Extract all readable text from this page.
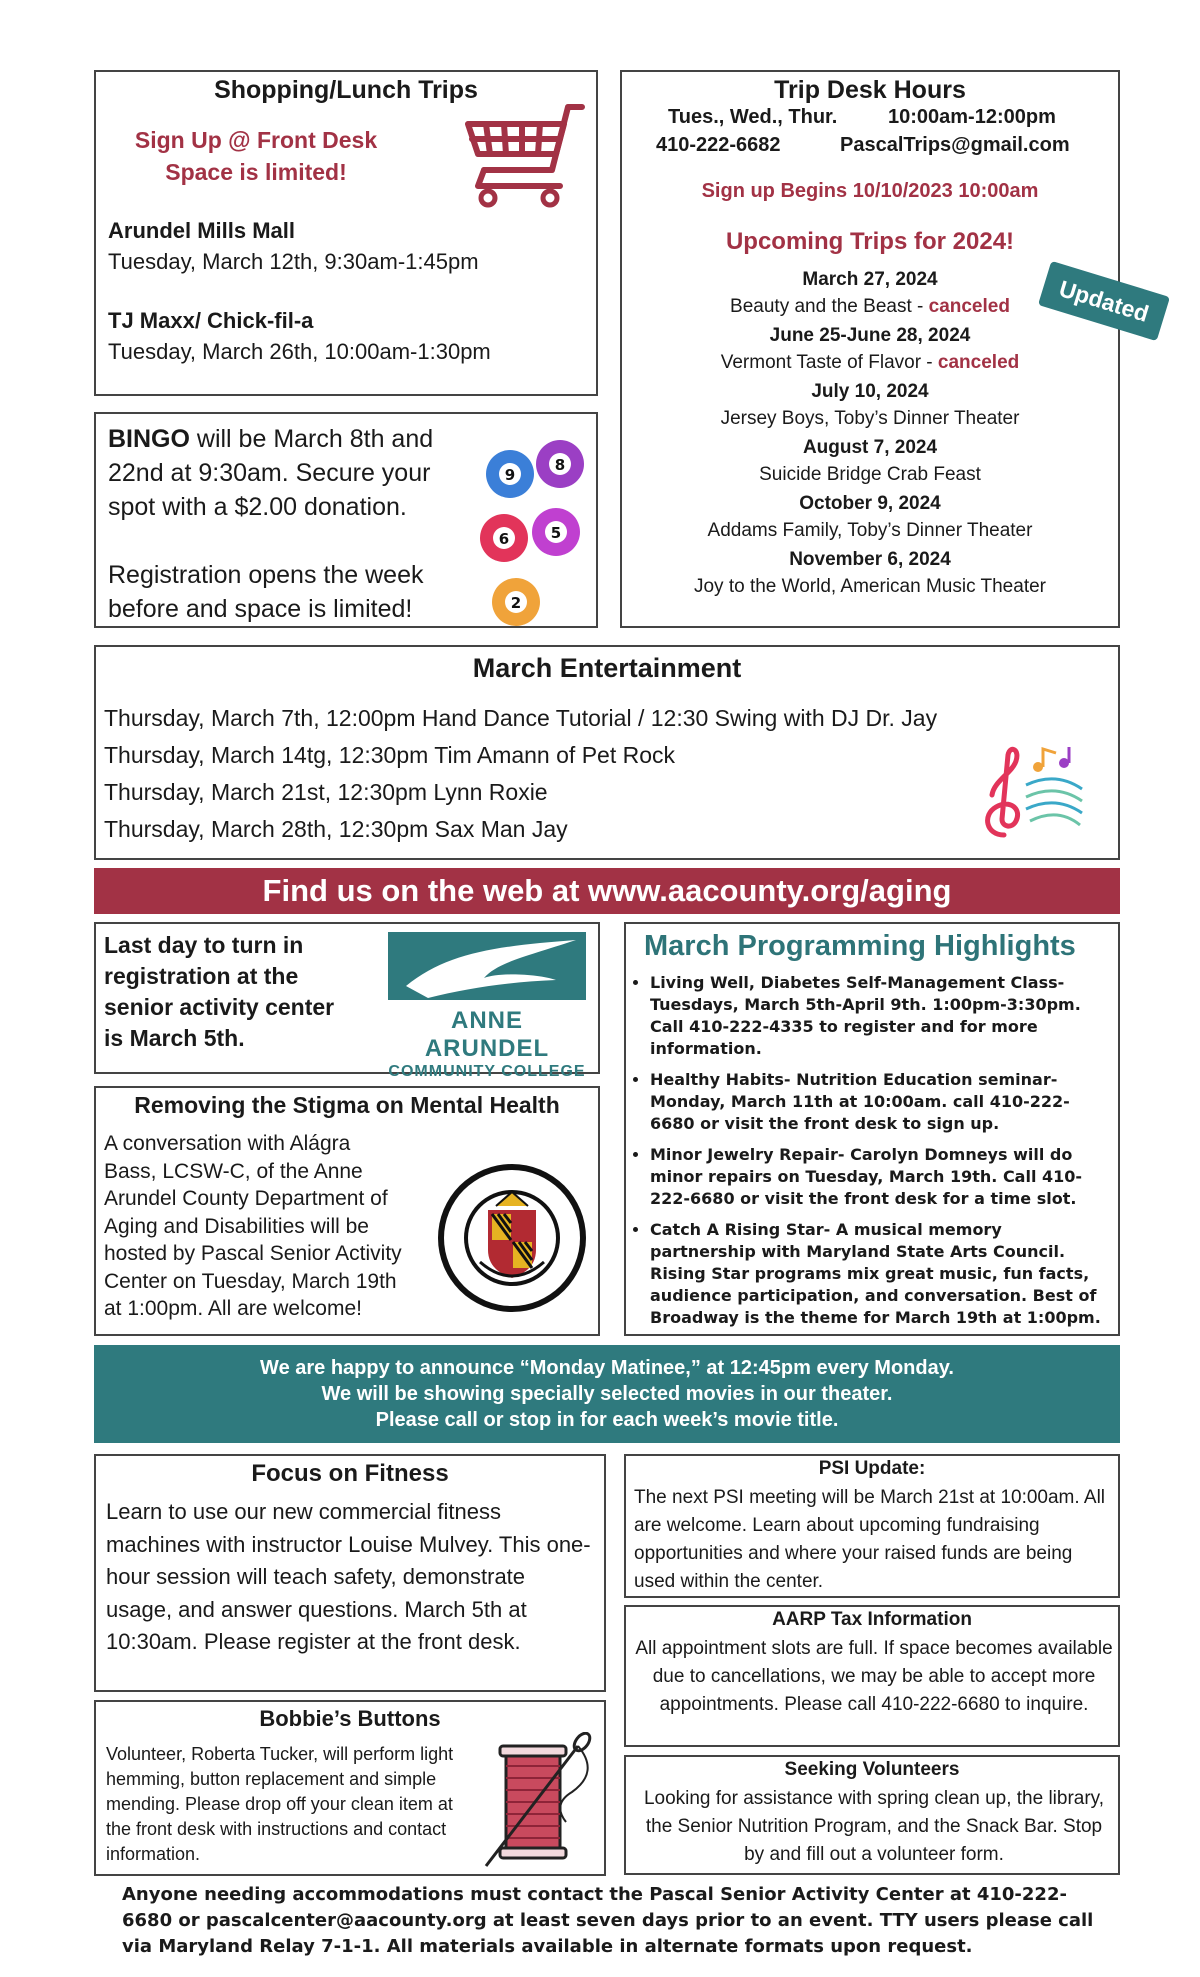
Shopping/Lunch Trips
Sign Up @ Front Desk
Space is limited!
Arundel Mills Mall
Tuesday, March 12th, 9:30am-1:45pm
TJ Maxx/ Chick-fil-a
Tuesday, March 26th, 10:00am-1:30pm
Trip Desk Hours
Tues., Wed., Thur.	10:00am-12:00pm
410-222-6682	PascalTrips@gmail.com
Sign up Begins 10/10/2023 10:00am
Upcoming Trips for 2024!
March 27, 2024
Beauty and the Beast - canceled
June 25-June 28, 2024
Vermont Taste of Flavor - canceled
July 10, 2024
Jersey Boys, Toby’s Dinner Theater
August 7, 2024
Suicide Bridge Crab Feast
October 9, 2024
Addams Family, Toby’s Dinner Theater
November 6, 2024
Joy to the World, American Music Theater
Updated
BINGO will be March 8th and 22nd at 9:30am. Secure your spot with a $2.00 donation.
Registration opens the week before and space is limited!
9
8
6	5
2
March Entertainment
Thursday, March 7th, 12:00pm Hand Dance Tutorial / 12:30 Swing with DJ Dr. Jay
Thursday, March 14tg, 12:30pm Tim Amann of Pet Rock
Thursday, March 21st, 12:30pm Lynn Roxie
Thursday, March 28th, 12:30pm Sax Man Jay
Find us on the web at www.aacounty.org/aging
Last day to turn in registration at the senior activity center is March 5th.
ANNE ARUNDEL
COMMUNITY COLLEGE
Removing the Stigma on Mental Health
A conversation with Alágra Bass, LCSW-C, of the Anne Arundel County Department of Aging and Disabilities will be hosted by Pascal Senior Activity Center on Tuesday, March 19th at 1:00pm. All are welcome!
March Programming Highlights
• Living Well, Diabetes Self-Management Class- Tuesdays, March 5th-April 9th. 1:00pm-3:30pm. Call 410-222-4335 to register and for more information.
• Healthy Habits- Nutrition Education seminar- Monday, March 11th at 10:00am. call 410-222-6680 or visit the front desk to sign up.
• Minor Jewelry Repair- Carolyn Domneys will do minor repairs on Tuesday, March 19th. Call 410-222-6680 or visit the front desk for a time slot.
• Catch A Rising Star- A musical memory partnership with Maryland State Arts Council. Rising Star programs mix great music, fun facts, audience participation, and conversation. Best of Broadway is the theme for March 19th at 1:00pm.
We are happy to announce “Monday Matinee,” at 12:45pm every Monday.
We will be showing specially selected movies in our theater.
Please call or stop in for each week’s movie title.
Focus on Fitness
Learn to use our new commercial fitness machines with instructor Louise Mulvey. This one-hour session will teach safety, demonstrate usage, and answer questions. March 5th at 10:30am. Please register at the front desk.
Bobbie’s Buttons
Volunteer, Roberta Tucker, will perform light hemming, button replacement and simple mending. Please drop off your clean item at the front desk with instructions and contact information.
PSI Update:
The next PSI meeting will be March 21st at 10:00am. All are welcome. Learn about upcoming fundraising opportunities and where your raised funds are being used within the center.
AARP Tax Information
All appointment slots are full. If space becomes available due to cancellations, we may be able to accept more appointments. Please call 410-222-6680 to inquire.
Seeking Volunteers
Looking for assistance with spring clean up, the library, the Senior Nutrition Program, and the Snack Bar. Stop by and fill out a volunteer form.
Anyone needing accommodations must contact the Pascal Senior Activity Center at 410-222-6680 or pascalcenter@aacounty.org at least seven days prior to an event. TTY users please call via Maryland Relay 7-1-1. All materials available in alternate formats upon request.
